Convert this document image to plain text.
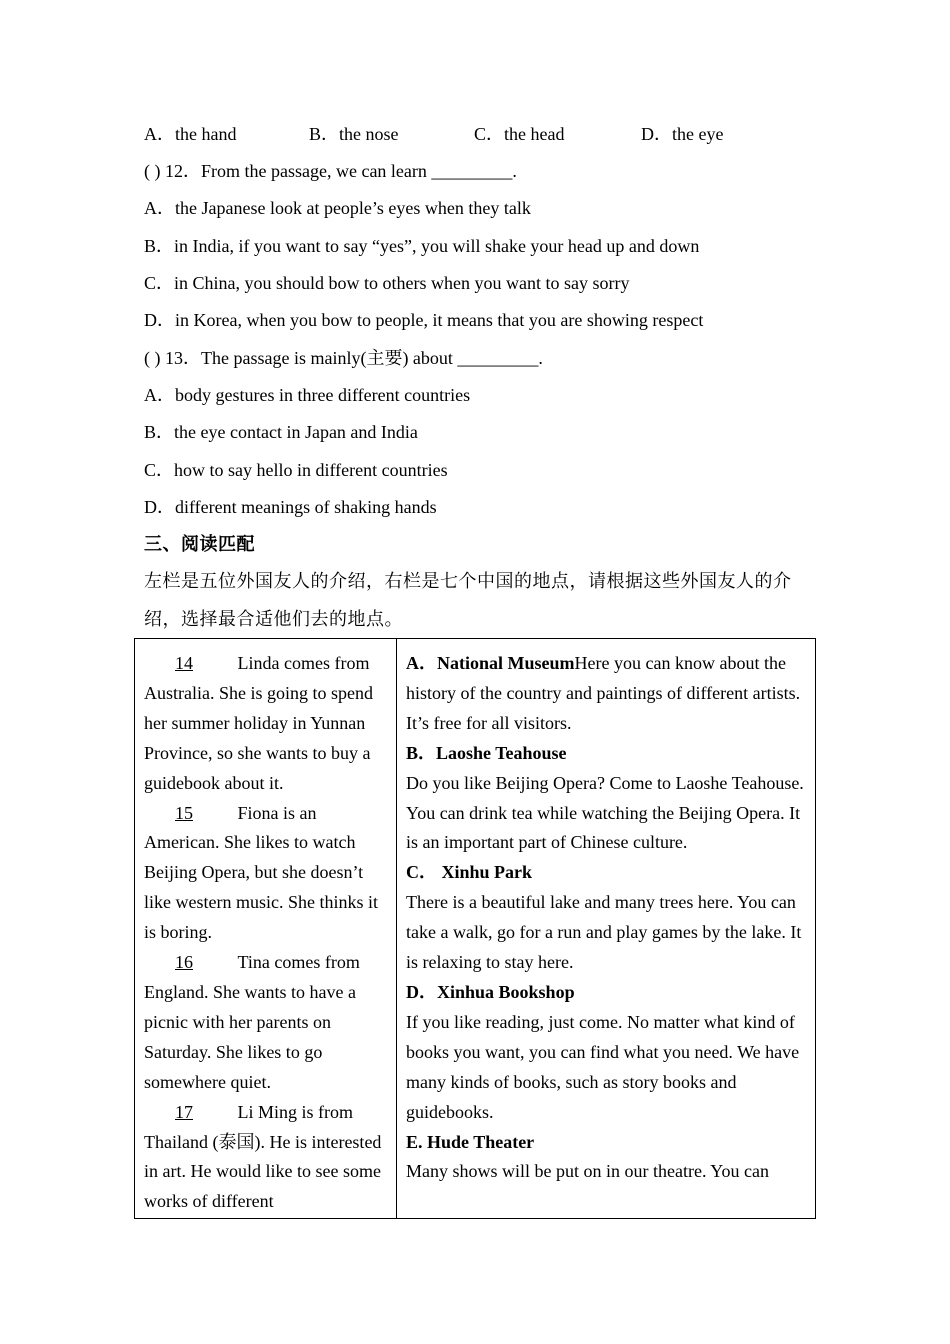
A．the hand	B．the nose	C．the head	D．the eye
( ) 12．From the passage, we can learn _________.
A．the Japanese look at people’s eyes when they talk
B．in India, if you want to say “yes”, you will shake your head up and down
C．in China, you should bow to others when you want to say sorry
D．in Korea, when you bow to people, it means that you are showing respect
( ) 13．The passage is mainly(主要) about _________.
A．body gestures in three different countries
B．the eye contact in Japan and India
C．how to say hello in different countries
D．different meanings of shaking hands
三、阅读匹配
左栏是五位外国友人的介绍，右栏是七个中国的地点，请根据这些外国友人的介
绍，选择最合适他们去的地点。
14 Linda comes from Australia. She is going to spend her summer holiday in Yunnan Province, so she wants to buy a guidebook about it.
15 Fiona is an American. She likes to watch Beijing Opera, but she doesn’t like western music. She thinks it is boring.
16 Tina comes from England. She wants to have a picnic with her parents on Saturday. She likes to go somewhere quiet.
17 Li Ming is from Thailand (泰国). He is interested in art. He would like to see some works of different

A．National MuseumHere you can know about the history of the country and paintings of different artists. It’s free for all visitors.
B．Laoshe Teahouse
Do you like Beijing Opera? Come to Laoshe Teahouse. You can drink tea while watching the Beijing Opera. It is an important part of Chinese culture.
C． Xinhu Park
There is a beautiful lake and many trees here. You can take a walk, go for a run and play games by the lake. It is relaxing to stay here.
D．Xinhua Bookshop
If you like reading, just come. No matter what kind of books you want, you can find what you need. We have many kinds of books, such as story books and guidebooks.
E. Hude Theater
Many shows will be put on in our theatre. You can
